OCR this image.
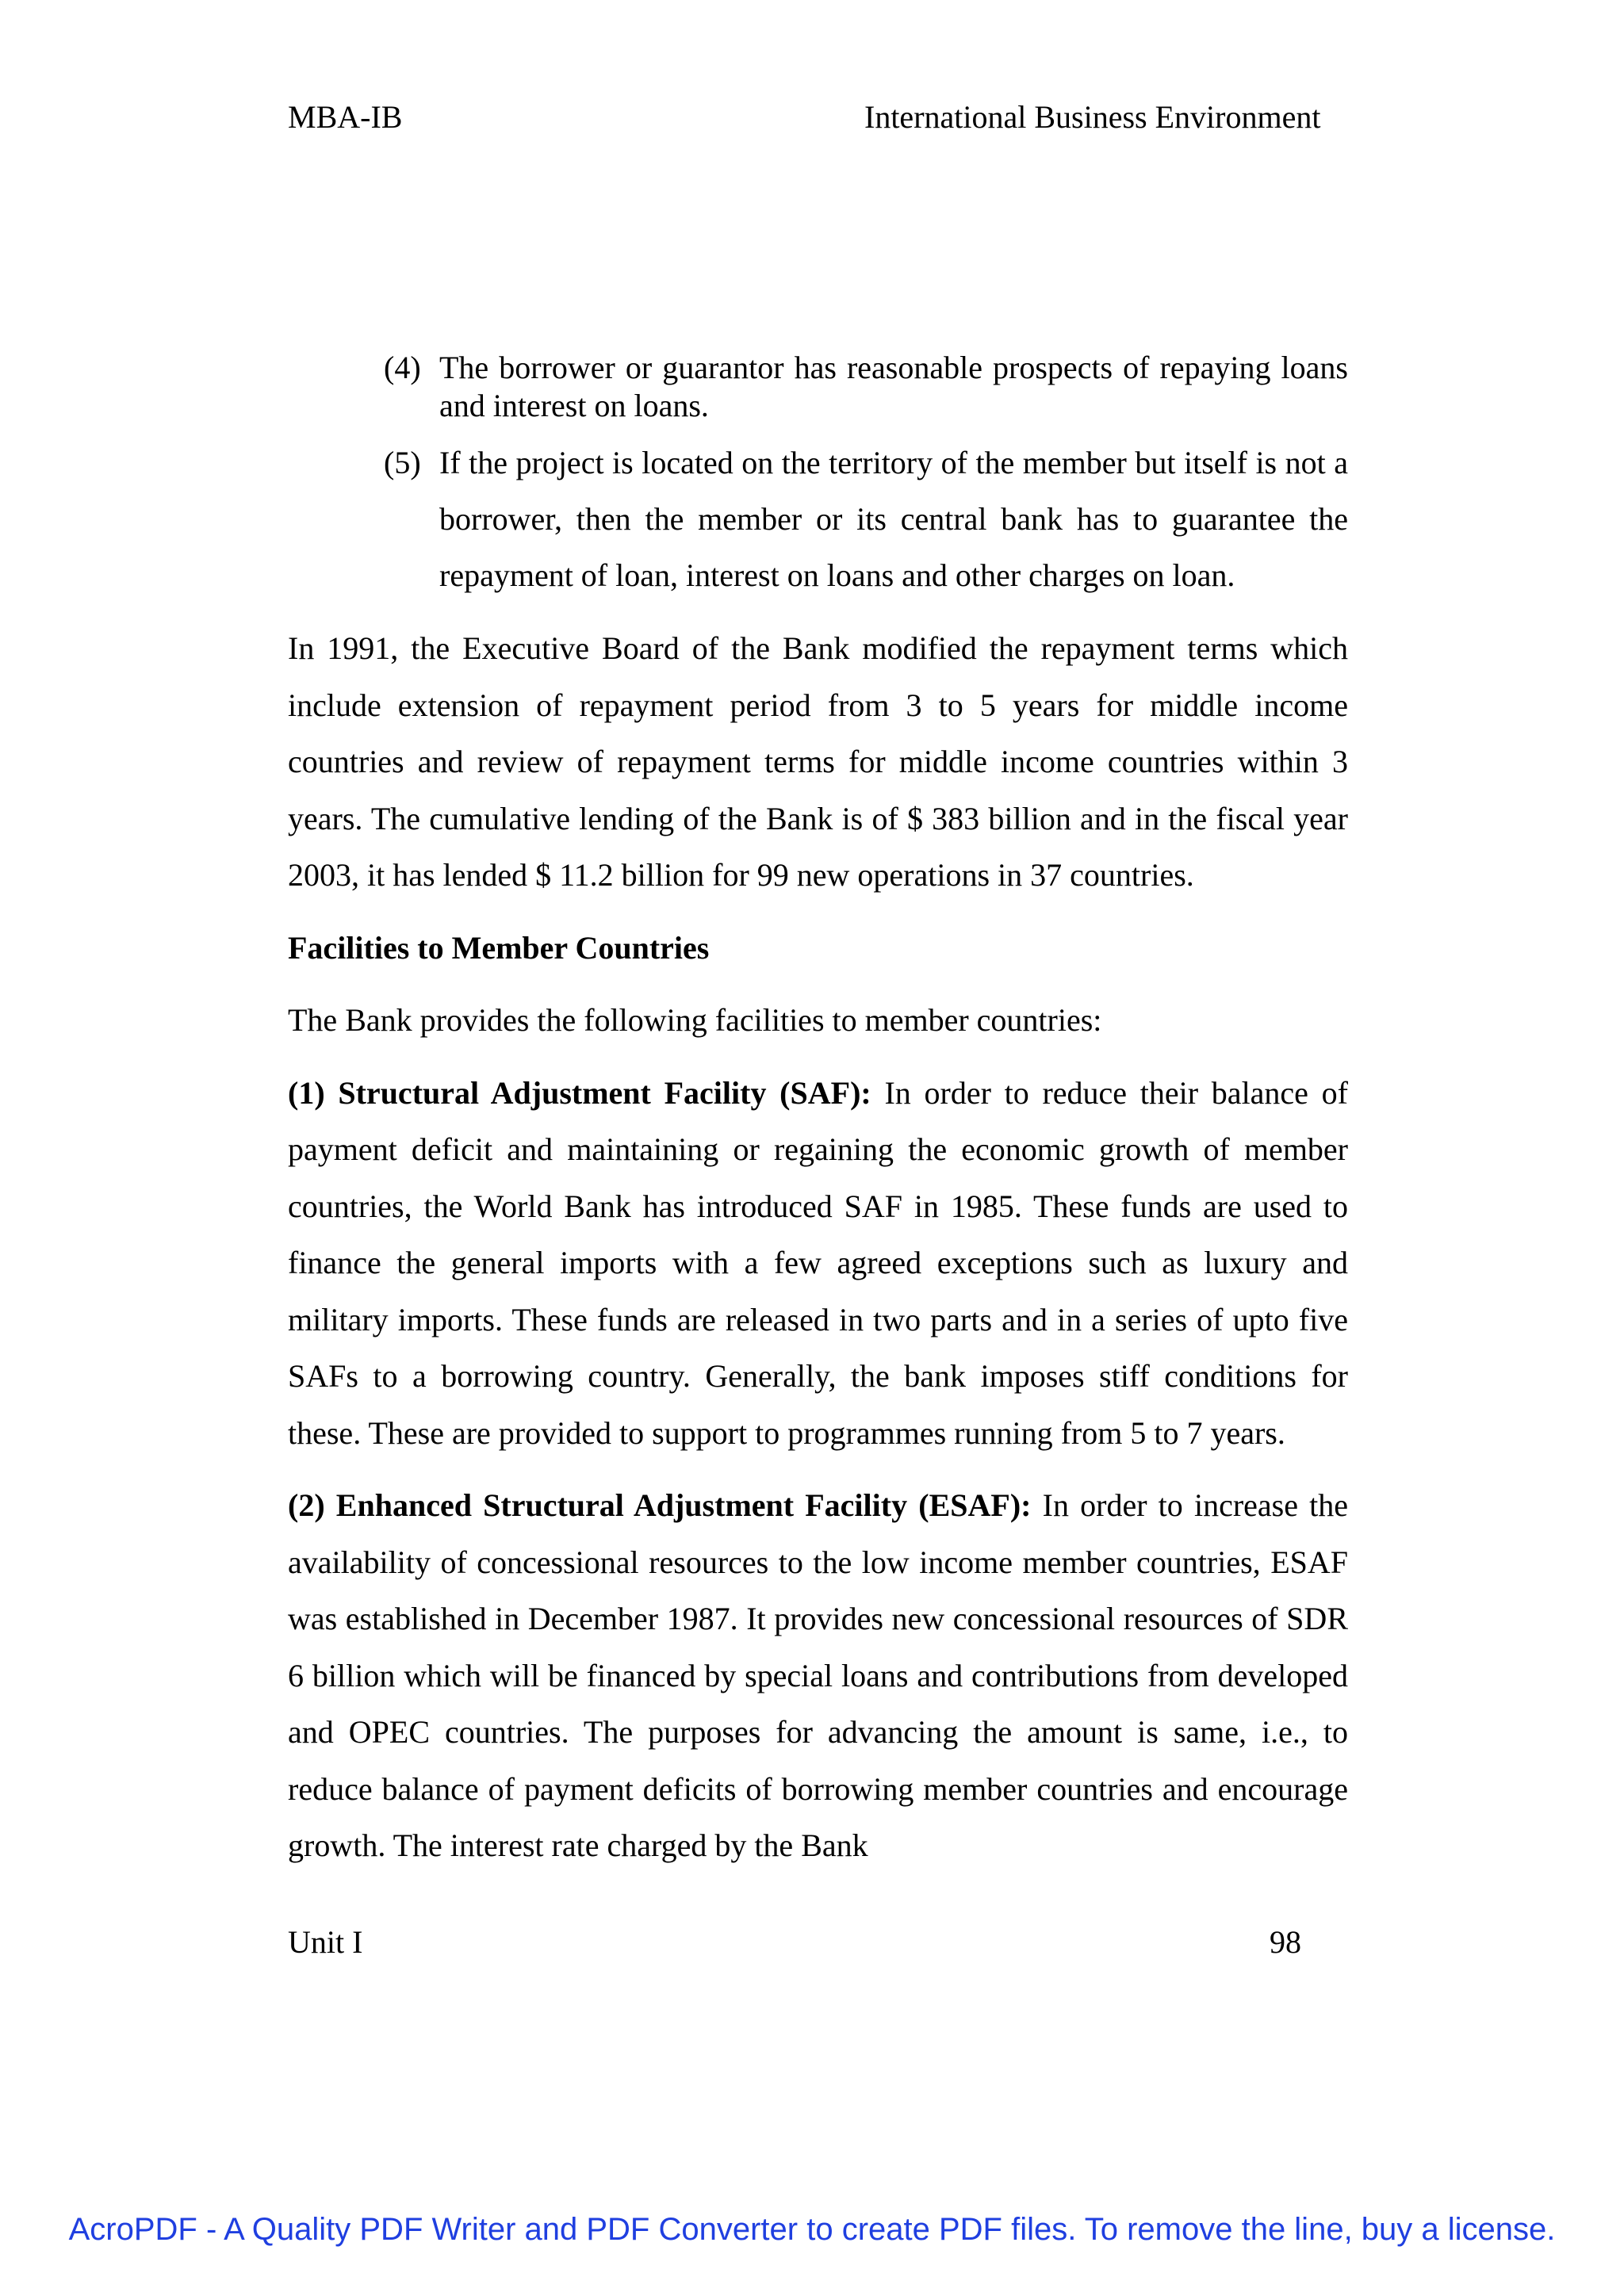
MBA-IB	International Business Environment
(4) The borrower or guarantor has reasonable prospects of repaying loans and interest on loans.
(5) If the project is located on the territory of the member but itself is not a borrower, then the member or its central bank has to guarantee the repayment of loan, interest on loans and other charges on loan.

In 1991, the Executive Board of the Bank modified the repayment terms which include extension of repayment period from 3 to 5 years for middle income countries and review of repayment terms for middle income countries within 3 years. The cumulative lending of the Bank is of $ 383 billion and in the fiscal year 2003, it has lended $ 11.2 billion for 99 new operations in 37 countries.

Facilities to Member Countries

The Bank provides the following facilities to member countries:

(1) Structural Adjustment Facility (SAF): In order to reduce their balance of payment deficit and maintaining or regaining the economic growth of member countries, the World Bank has introduced SAF in 1985. These funds are used to finance the general imports with a few agreed exceptions such as luxury and military imports. These funds are released in two parts and in a series of upto five SAFs to a borrowing country. Generally, the bank imposes stiff conditions for these. These are provided to support to programmes running from 5 to 7 years.

(2) Enhanced Structural Adjustment Facility (ESAF): In order to increase the availability of concessional resources to the low income member countries, ESAF was established in December 1987. It provides new concessional resources of SDR 6 billion which will be financed by special loans and contributions from developed and OPEC countries. The purposes for advancing the amount is same, i.e., to reduce balance of payment deficits of borrowing member countries and encourage growth. The interest rate charged by the Bank

Unit I	98
AcroPDF - A Quality PDF Writer and PDF Converter to create PDF files. To remove the line, buy a license.
